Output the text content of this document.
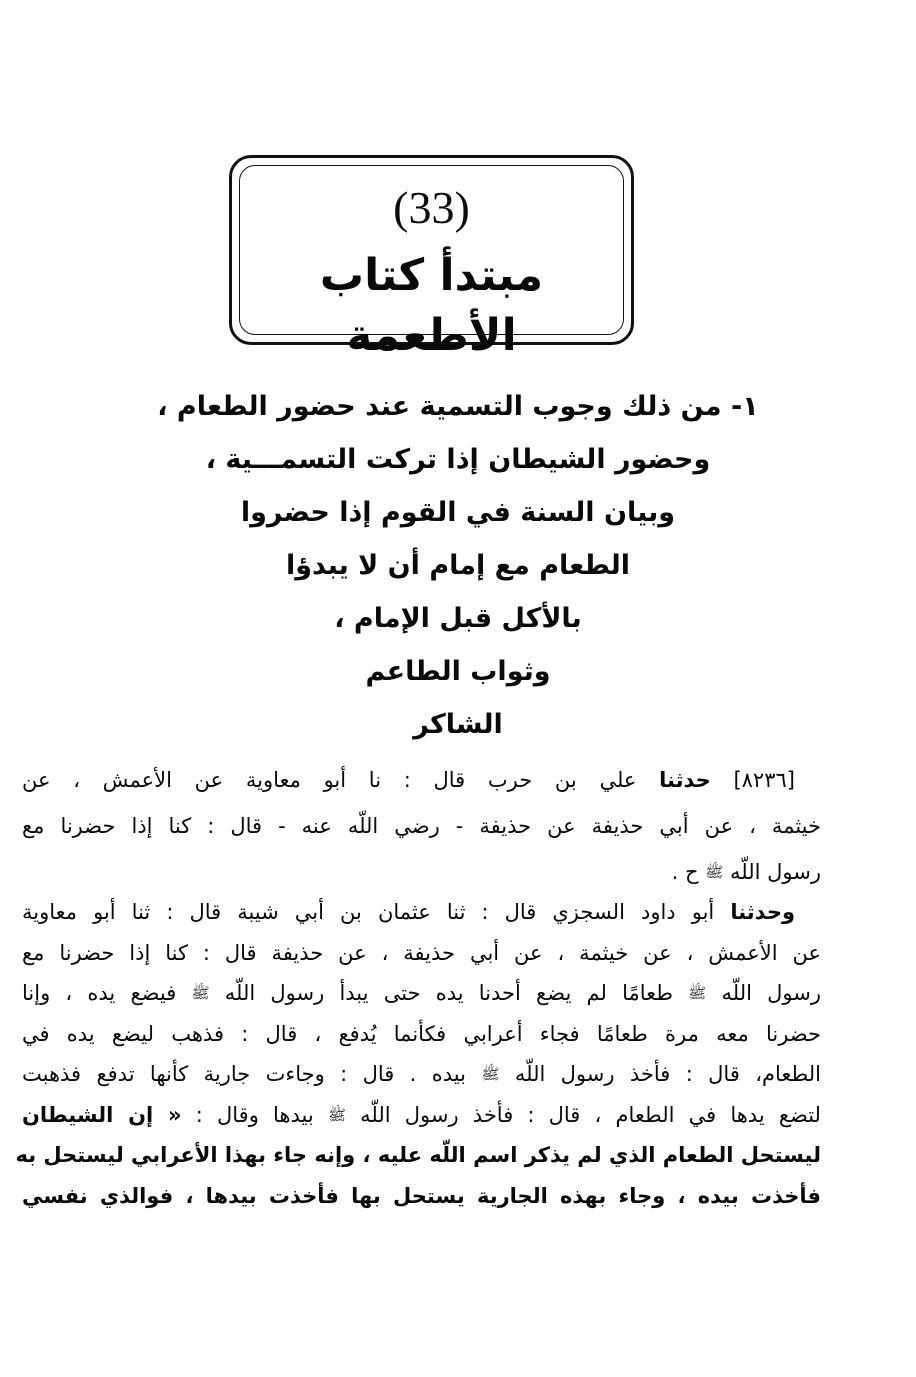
(33)
مبتدأ كتاب الأطعمة
١- من ذلك وجوب التسمية عند حضور الطعام ،
وحضور الشيطان إذا تركت التسمـــية ،
وبيان السنة في القوم إذا حضروا
الطعام مع إمام أن لا يبدؤا
بالأكل قبل الإمام ،
وثواب الطاعم
الشاكر
[٨٢٣٦] حدثنا علي بن حرب قال : نا أبو معاوية عن الأعمش ، عن
خيثمة ، عن أبي حذيفة عن حذيفة - رضي اللّه عنه - قال : كنا إذا حضرنا مع
رسول اللّه ﷺ ح .
وحدثنا أبو داود السجزي قال : ثنا عثمان بن أبي شيبة قال : ثنا أبو معاوية
عن الأعمش ، عن خيثمة ، عن أبي حذيفة ، عن حذيفة قال : كنا إذا حضرنا مع
رسول اللّه ﷺ طعامًا لم يضع أحدنا يده حتى يبدأ رسول اللّه ﷺ فيضع يده ، وإنا
حضرنا معه مرة طعامًا فجاء أعرابي فكأنما يُدفع ، قال : فذهب ليضع يده في
الطعام، قال : فأخذ رسول اللّه ﷺ بيده . قال : وجاءت جارية كأنها تدفع فذهبت
لتضع يدها في الطعام ، قال : فأخذ رسول اللّه ﷺ بيدها وقال : « إن الشيطان
ليستحل الطعام الذي لم يذكر اسم اللّه عليه ، وإنه جاء بهذا الأعرابي ليستحل به
فأخذت بيده ، وجاء بهذه الجارية يستحل بها فأخذت بيدها ، فوالذي نفسي
